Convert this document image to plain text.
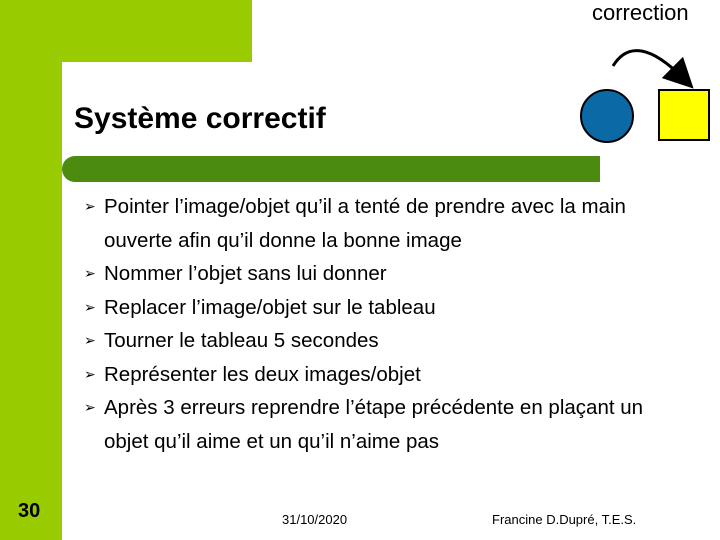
Système correctif
correction
➢ Pointer l’image/objet qu’il a tenté de prendre avec la main ouverte afin qu’il donne la bonne image
➢ Nommer l’objet sans lui donner
➢ Replacer l’image/objet sur le tableau
➢ Tourner le tableau 5 secondes
➢ Représenter les deux images/objet
➢ Après 3 erreurs reprendre l’étape précédente en plaçant un objet qu’il aime et un qu’il n’aime pas
30	31/10/2020	Francine D.Dupré, T.E.S.
